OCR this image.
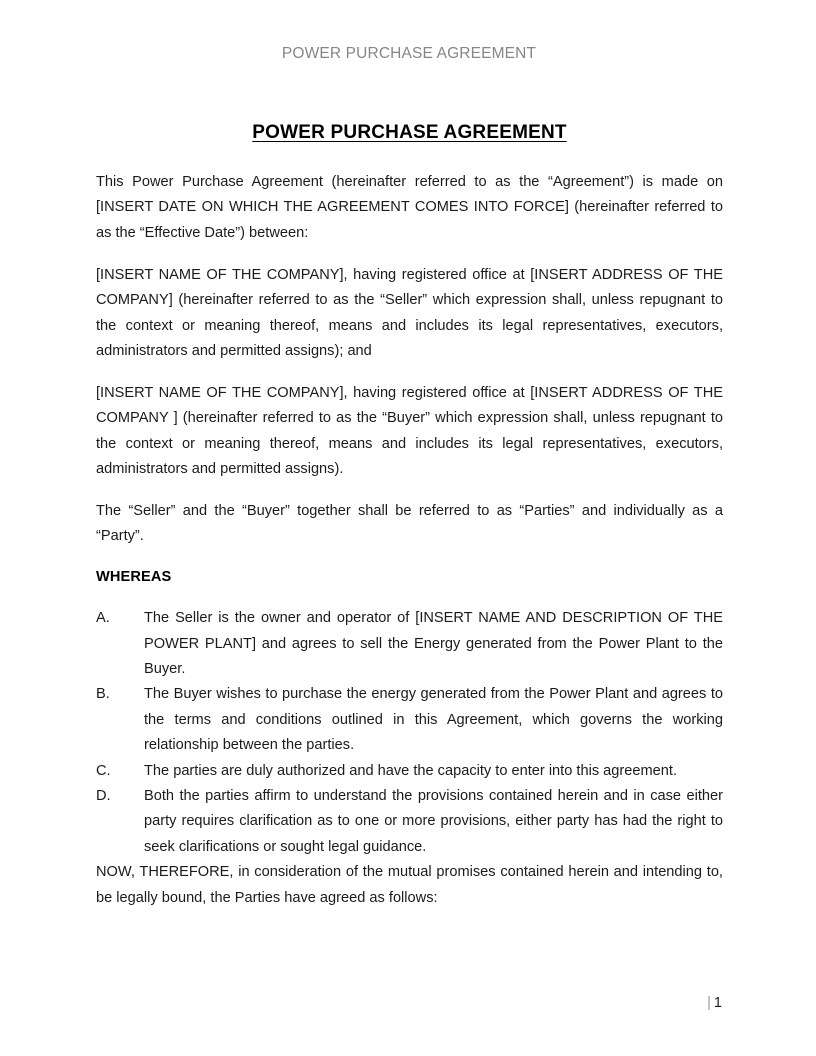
POWER PURCHASE AGREEMENT
POWER PURCHASE AGREEMENT

This Power Purchase Agreement (hereinafter referred to as the “Agreement”) is made on [INSERT DATE ON WHICH THE AGREEMENT COMES INTO FORCE] (hereinafter referred to as the “Effective Date”) between:

[INSERT NAME OF THE COMPANY], having registered office at [INSERT ADDRESS OF THE COMPANY] (hereinafter referred to as the “Seller” which expression shall, unless repugnant to the context or meaning thereof, means and includes its legal representatives, executors, administrators and permitted assigns); and

[INSERT NAME OF THE COMPANY], having registered office at [INSERT ADDRESS OF THE COMPANY ] (hereinafter referred to as the “Buyer” which expression shall, unless repugnant to the context or meaning thereof, means and includes its legal representatives, executors, administrators and permitted assigns).

The “Seller” and the “Buyer” together shall be referred to as “Parties” and individually as a “Party”.

WHEREAS
A.	The Seller is the owner and operator of [INSERT NAME AND DESCRIPTION OF THE POWER PLANT] and agrees to sell the Energy generated from the Power Plant to the Buyer.
B.	The Buyer wishes to purchase the energy generated from the Power Plant and agrees to the terms and conditions outlined in this Agreement, which governs the working relationship between the parties.
C.	The parties are duly authorized and have the capacity to enter into this agreement.
D.	Both the parties affirm to understand the provisions contained herein and in case either party requires clarification as to one or more provisions, either party has had the right to seek clarifications or sought legal guidance.

NOW, THEREFORE, in consideration of the mutual promises contained herein and intending to, be legally bound, the Parties have agreed as follows:

| 1
